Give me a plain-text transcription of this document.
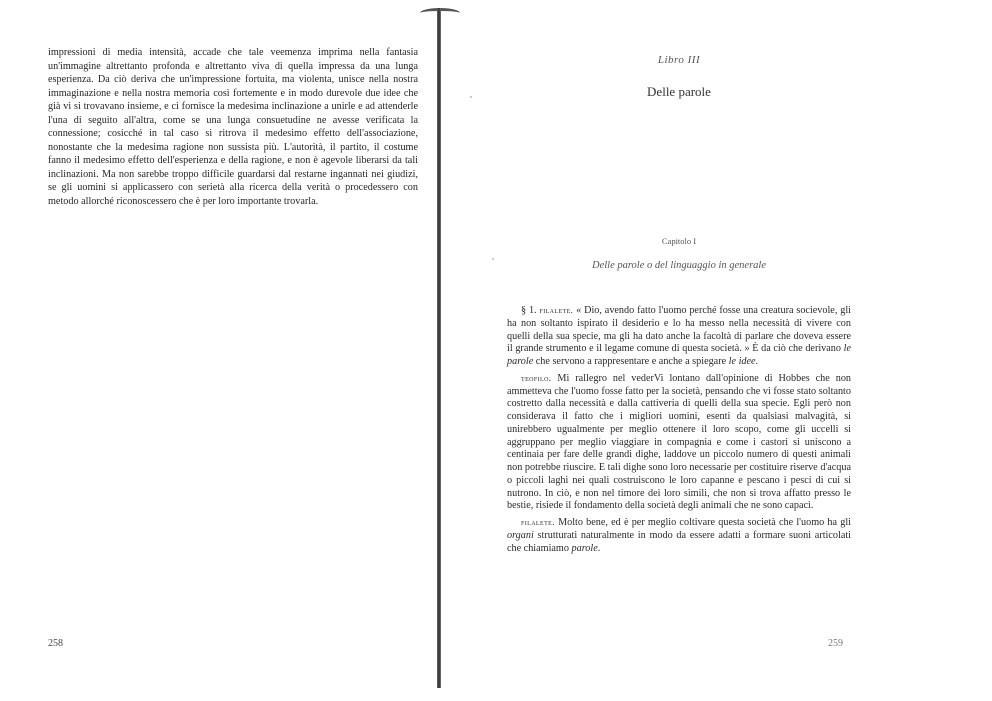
impressioni di media intensità, accade che tale veemenza imprima nella fantasia un'immagine altrettanto profonda e altrettanto viva di quella impressa da una lunga esperienza. Da ciò deriva che un'impressione fortuita, ma violenta, unisce nella nostra immaginazione e nella nostra memoria così fortemente e in modo durevole due idee che già vi si trovavano insieme, e ci fornisce la medesima inclinazione a unirle e ad attenderle l'una di seguito all'altra, come se una lunga consuetudine ne avesse verificata la connessione; cosicché in tal caso si ritrova il medesimo effetto dell'associazione, nonostante che la medesima ragione non sussista più. L'autorità, il partito, il costume fanno il medesimo effetto dell'esperienza e della ragione, e non è agevole liberarsi da tali inclinazioni. Ma non sarebbe troppo difficile guardarsi dal restarne ingannati nei giudizi, se gli uomini si applicassero con serietà alla ricerca della verità o procedessero con metodo allorché riconoscessero che è per loro importante trovarla.

258
Libro III
Delle parole
Capitolo I
Delle parole o del linguaggio in generale

§ 1. filalete. « Dio, avendo fatto l'uomo perché fosse una creatura socievole, gli ha non soltanto ispirato il desiderio e lo ha messo nella necessità di vivere con quelli della sua specie, ma gli ha dato anche la facoltà di parlare che doveva essere il grande strumento e il legame comune di questa società. » È da ciò che derivano le parole che servono a rappresentare e anche a spiegare le idee.

teofilo. Mi rallegro nel vederVi lontano dall'opinione di Hobbes che non ammetteva che l'uomo fosse fatto per la società, pensando che vi fosse stato soltanto costretto dalla necessità e dalla cattiveria di quelli della sua specie. Egli però non considerava il fatto che i migliori uomini, esenti da qualsiasi malvagità, si unirebbero ugualmente per meglio ottenere il loro scopo, come gli uccelli si aggruppano per meglio viaggiare in compagnia e come i castori si uniscono a centinaia per fare delle grandi dighe, laddove un piccolo numero di questi animali non potrebbe riuscire. E tali dighe sono loro necessarie per costituire riserve d'acqua o piccoli laghi nei quali costruiscono le loro capanne e pescano i pesci di cui si nutrono. In ciò, e non nel timore dei loro simili, che non si trova affatto presso le bestie, risiede il fondamento della società degli animali che ne sono capaci.

filalete. Molto bene, ed è per meglio coltivare questa società che l'uomo ha gli organi strutturati naturalmente in modo da essere adatti a formare suoni articolati che chiamiamo parole.

259
